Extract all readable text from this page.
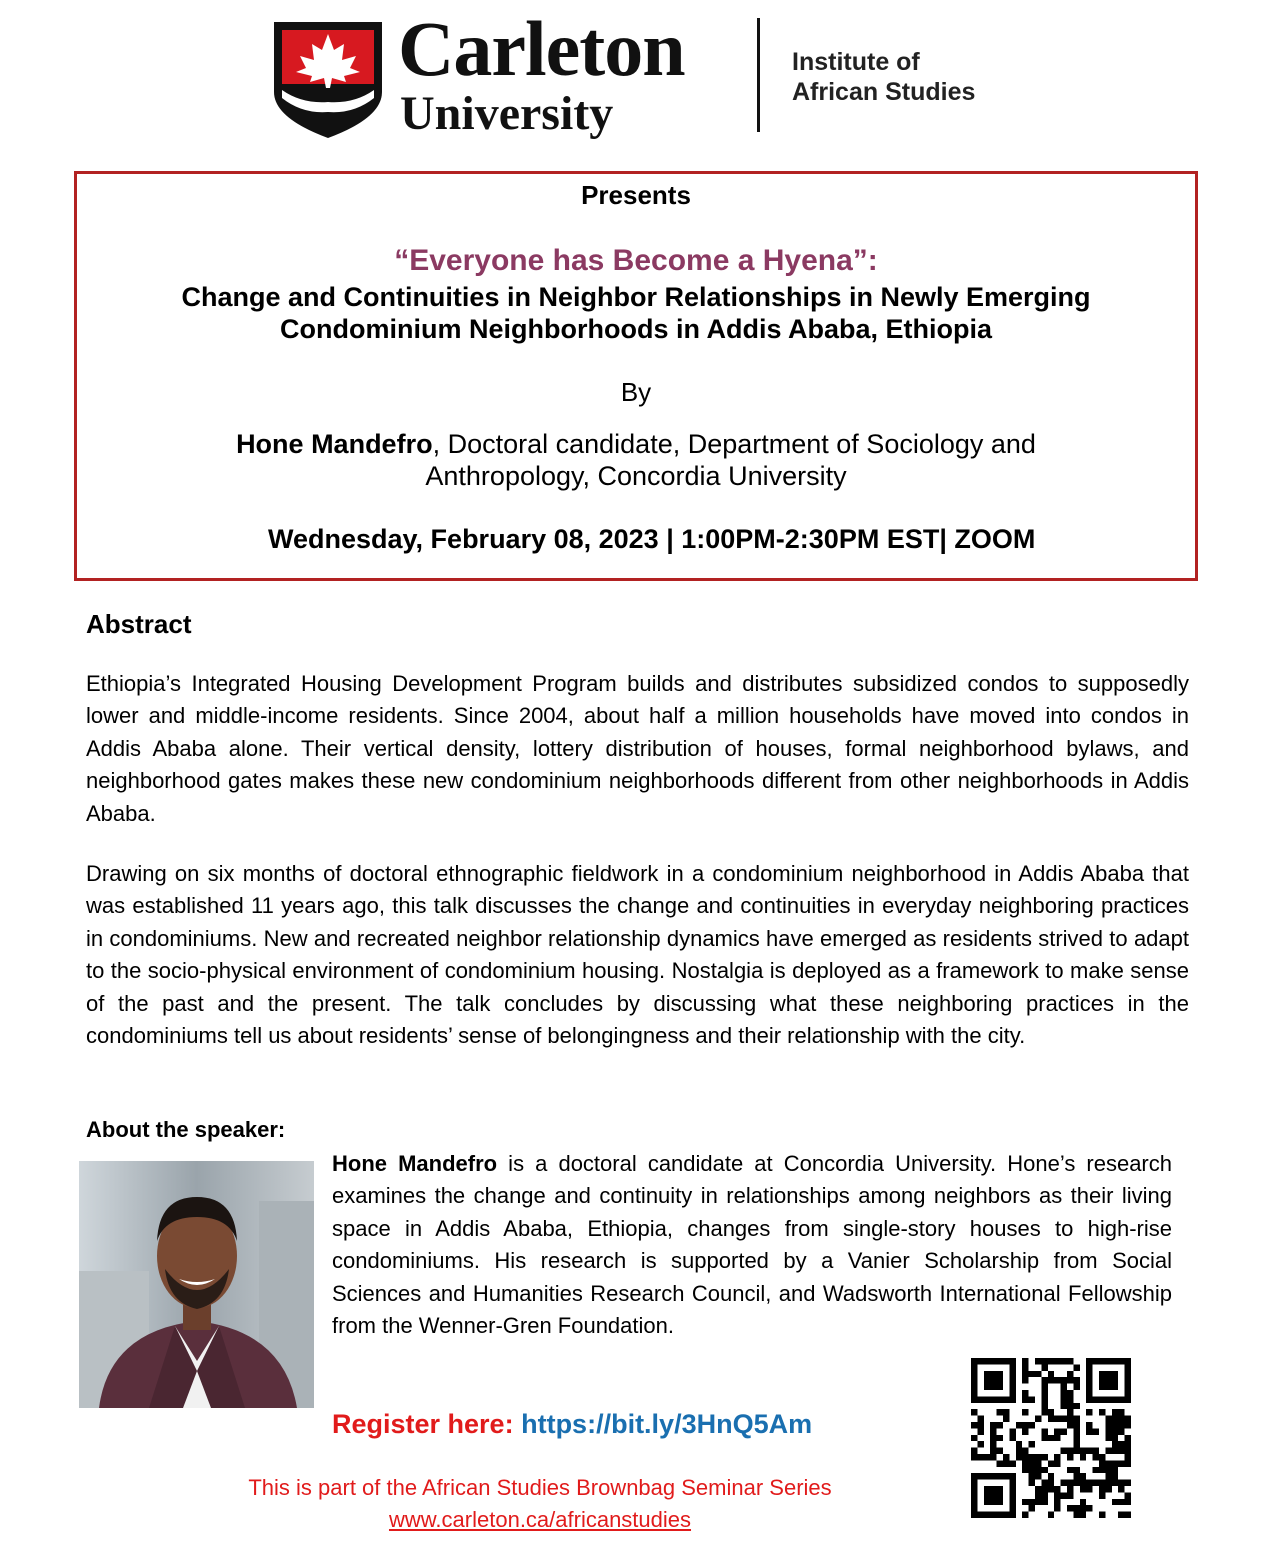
Carleton
University
Institute of
African Studies
Presents
“Everyone has Become a Hyena”:
Change and Continuities in Neighbor Relationships in Newly Emerging
Condominium Neighborhoods in Addis Ababa, Ethiopia
By
Hone Mandefro, Doctoral candidate, Department of Sociology and
Anthropology, Concordia University
Wednesday, February 08, 2023 | 1:00PM-2:30PM EST| ZOOM
Abstract
Ethiopia’s Integrated Housing Development Program builds and distributes subsidized condos to supposedly lower and middle-income residents. Since 2004, about half a million households have moved into condos in Addis Ababa alone. Their vertical density, lottery distribution of houses, formal neighborhood bylaws, and neighborhood gates makes these new condominium neighborhoods different from other neighborhoods in Addis Ababa.
Drawing on six months of doctoral ethnographic fieldwork in a condominium neighborhood in Addis Ababa that was established 11 years ago, this talk discusses the change and continuities in everyday neighboring practices in condominiums. New and recreated neighbor relationship dynamics have emerged as residents strived to adapt to the socio-physical environment of condominium housing. Nostalgia is deployed as a framework to make sense of the past and the present. The talk concludes by discussing what these neighboring practices in the condominiums tell us about residents’ sense of belongingness and their relationship with the city.
About the speaker:
Hone Mandefro is a doctoral candidate at Concordia University. Hone’s research examines the change and continuity in relationships among neighbors as their living space in Addis Ababa, Ethiopia, changes from single-story houses to high-rise condominiums. His research is supported by a Vanier Scholarship from Social Sciences and Humanities Research Council, and Wadsworth International Fellowship from the Wenner-Gren Foundation.
Register here: https://bit.ly/3HnQ5Am
This is part of the African Studies Brownbag Seminar Series
www.carleton.ca/africanstudies
